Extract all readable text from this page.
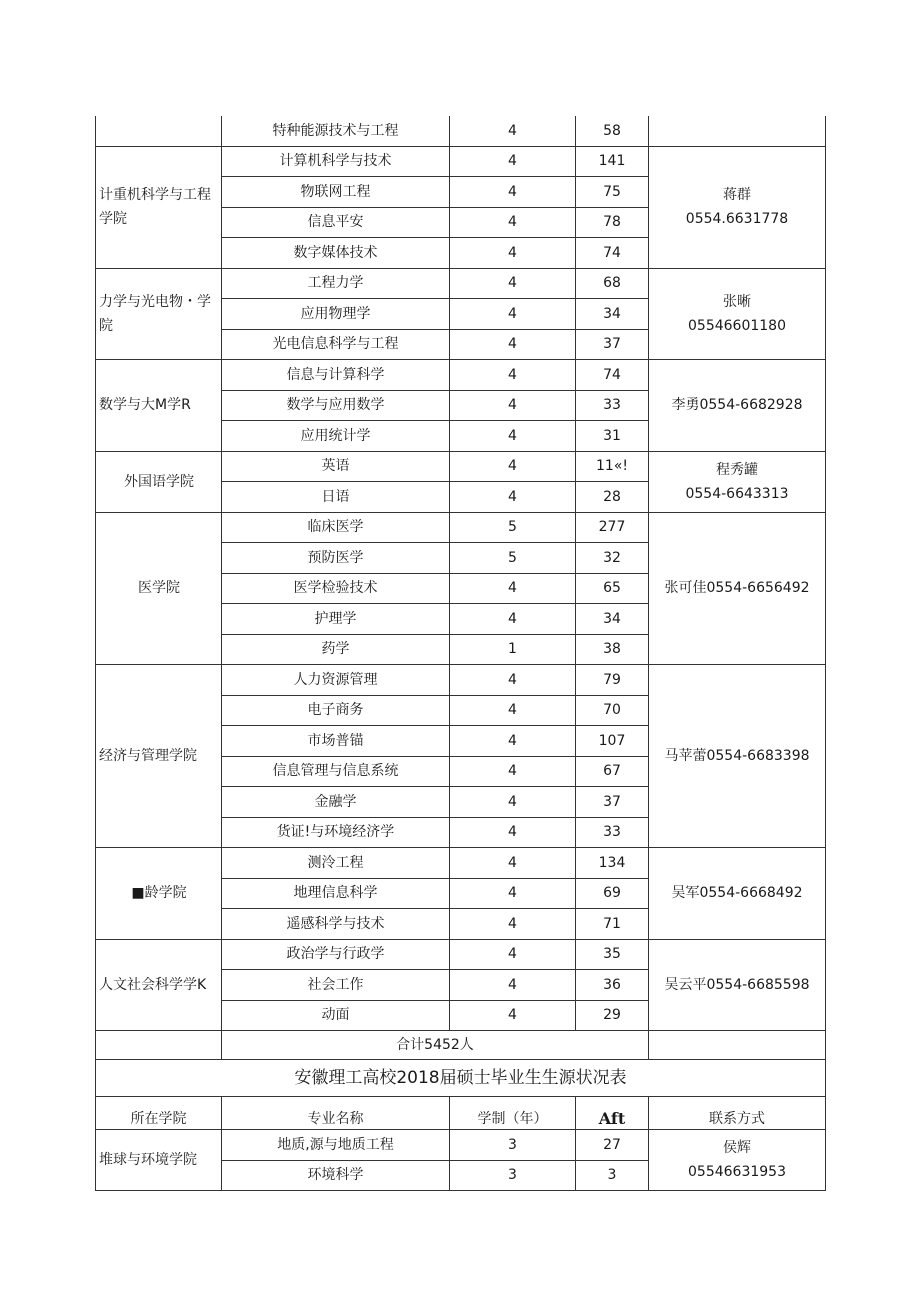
	特种能源技术与工程	4	58	
计重机科学与工程学院	计算机科学与技术	4	141	蒋群
0554.6631778
	物联网工程	4	75	
	信息平安	4	78	
	数字媒体技术	4	74	
力学与光电物・学院	工程力学	4	68	张晰
05546601180
	应用物理学	4	34	
	光电信息科学与工程	4	37	
数学与大M学R	信息与计算科学	4	74	李勇0554-6682928
	数学与应用数学	4	33	
	应用统计学	4	31	
外国语学院	英语	4	11«!	程秀罐
0554-6643313
	日语	4	28	
医学院	临床医学	5	277	张可佳0554-6656492
	预防医学	5	32	
	医学检验技术	4	65	
	护理学	4	34	
	药学	1	38	
经济与管理学院	人力资源管理	4	79	马苹蕾0554-6683398
	电子商务	4	70	
	市场普锚	4	107	
	信息管理与信息系统	4	67	
	金融学	4	37	
	货证!与环境经济学	4	33	
■龄学院	测泠工程	4	134	吴军0554-6668492
	地理信息科学	4	69	
	遥感科学与技术	4	71	
人文社会科学学K	政治学与行政学	4	35	吴云平0554-6685598
	社会工作	4	36	
	动面	4	29	
	合计5452人			
安徽理工高校2018届硕士毕业生生源状况表				
所在学院	专业名称	学制（年）	Aft	联系方式
堆球与环境学院	地质,源与地质工程	3	27	侯辉
05546631953
	环境科学	3	3	
